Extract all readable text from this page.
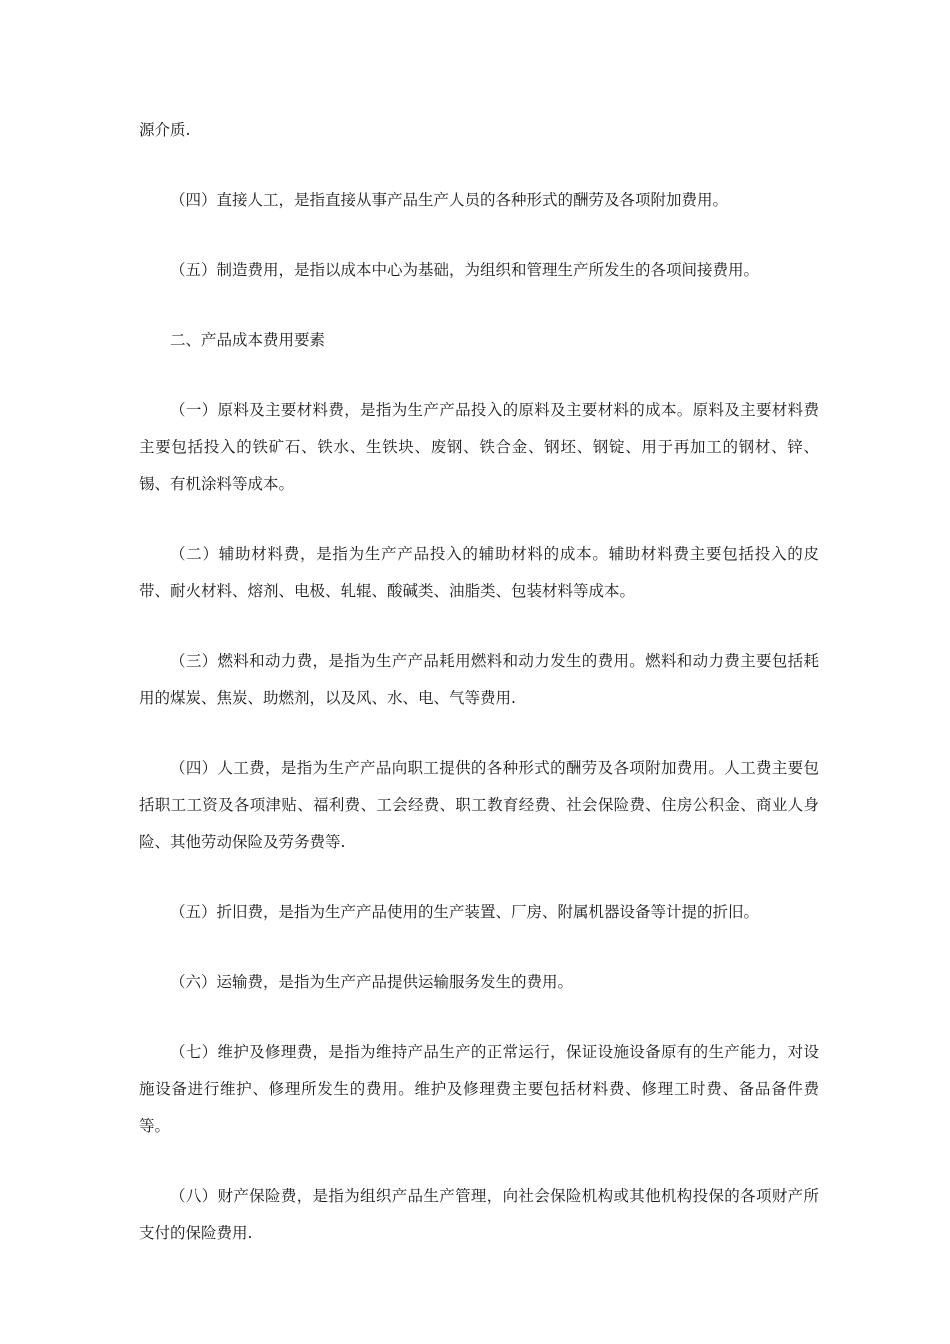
源介质.

（四）直接人工，是指直接从事产品生产人员的各种形式的酬劳及各项附加费用。

（五）制造费用，是指以成本中心为基础，为组织和管理生产所发生的各项间接费用。

二、产品成本费用要素

（一）原料及主要材料费，是指为生产产品投入的原料及主要材料的成本。原料及主要材料费主要包括投入的铁矿石、铁水、生铁块、废钢、铁合金、钢坯、钢锭、用于再加工的钢材、锌、锡、有机涂料等成本。

（二）辅助材料费，是指为生产产品投入的辅助材料的成本。辅助材料费主要包括投入的皮带、耐火材料、熔剂、电极、轧辊、酸碱类、油脂类、包装材料等成本。

（三）燃料和动力费，是指为生产产品耗用燃料和动力发生的费用。燃料和动力费主要包括耗用的煤炭、焦炭、助燃剂，以及风、水、电、气等费用.

（四）人工费，是指为生产产品向职工提供的各种形式的酬劳及各项附加费用。人工费主要包括职工工资及各项津贴、福利费、工会经费、职工教育经费、社会保险费、住房公积金、商业人身险、其他劳动保险及劳务费等.

（五）折旧费，是指为生产产品使用的生产装置、厂房、附属机器设备等计提的折旧。

（六）运输费，是指为生产产品提供运输服务发生的费用。

（七）维护及修理费，是指为维持产品生产的正常运行，保证设施设备原有的生产能力，对设施设备进行维护、修理所发生的费用。维护及修理费主要包括材料费、修理工时费、备品备件费等。

（八）财产保险费，是指为组织产品生产管理，向社会保险机构或其他机构投保的各项财产所支付的保险费用.
